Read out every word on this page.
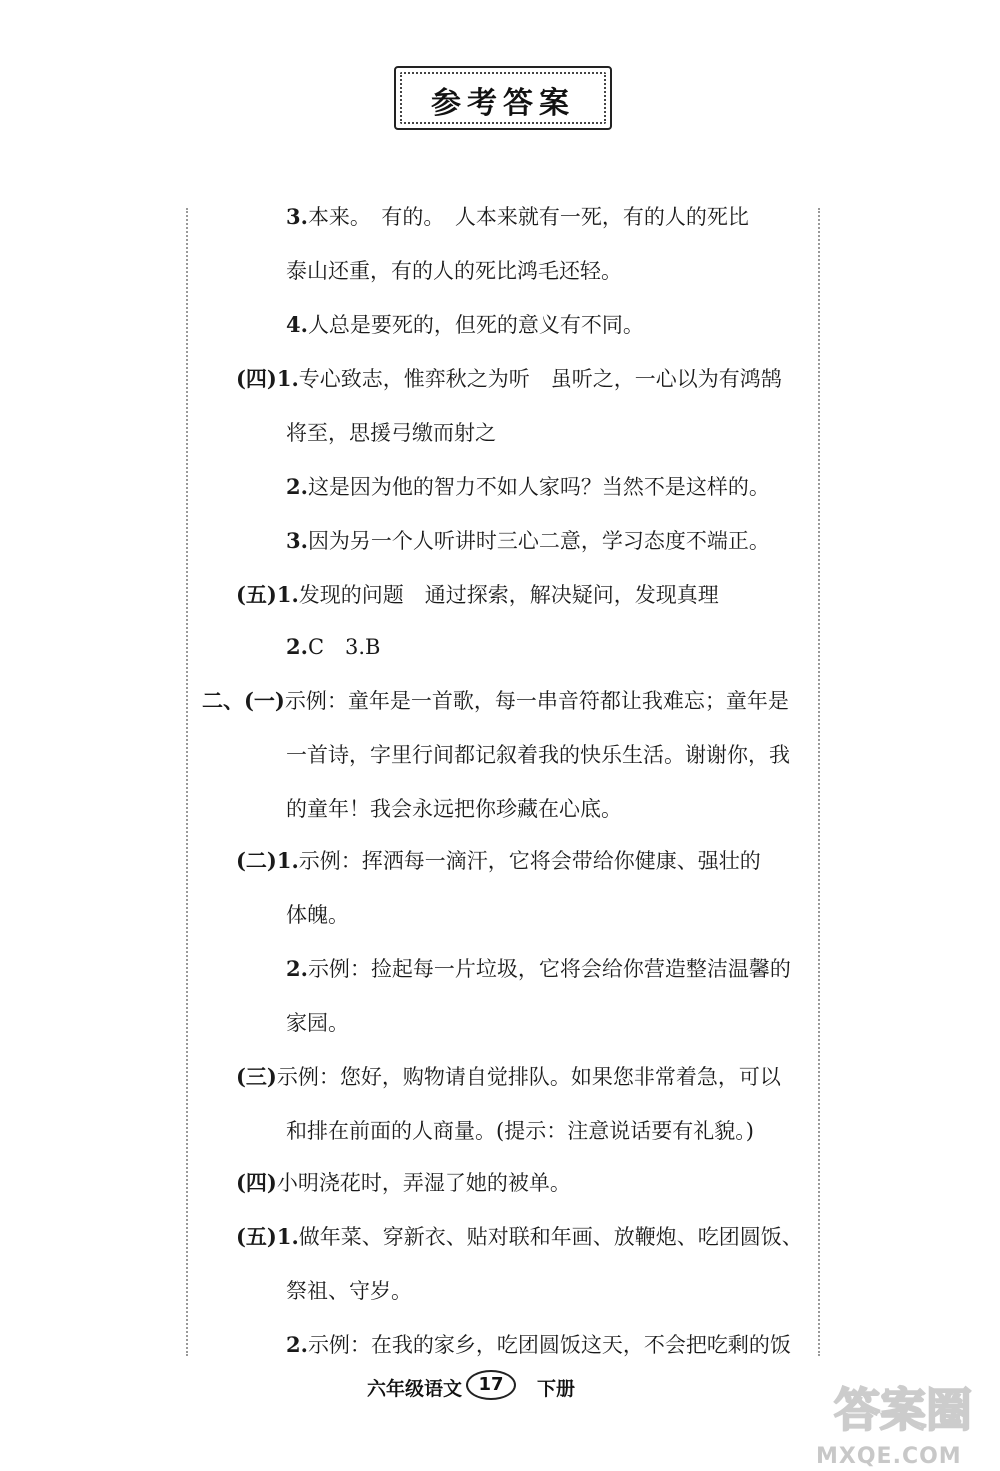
参考答案
3.本来。　有的。　人本来就有一死，有的人的死比
泰山还重，有的人的死比鸿毛还轻。
4.人总是要死的，但死的意义有不同。
(四)1.专心致志，惟弈秋之为听　虽听之，一心以为有鸿鹄
将至，思援弓缴而射之
2.这是因为他的智力不如人家吗？当然不是这样的。
3.因为另一个人听讲时三心二意，学习态度不端正。
(五)1.发现的问题　通过探索，解决疑问，发现真理
2.C　3.B
二、(一)示例：童年是一首歌，每一串音符都让我难忘；童年是
一首诗，字里行间都记叙着我的快乐生活。谢谢你，我
的童年！我会永远把你珍藏在心底。
(二)1.示例：挥洒每一滴汗，它将会带给你健康、强壮的
体魄。
2.示例：捡起每一片垃圾，它将会给你营造整洁温馨的
家园。
(三)示例：您好，购物请自觉排队。如果您非常着急，可以
和排在前面的人商量。(提示：注意说话要有礼貌。)
(四)小明浇花时，弄湿了她的被单。
(五)1.做年菜、穿新衣、贴对联和年画、放鞭炮、吃团圆饭、
祭祖、守岁。
2.示例：在我的家乡，吃团圆饭这天，不会把吃剩的饭
六年级语文 17	下册	答案圈
MXQE.COM
